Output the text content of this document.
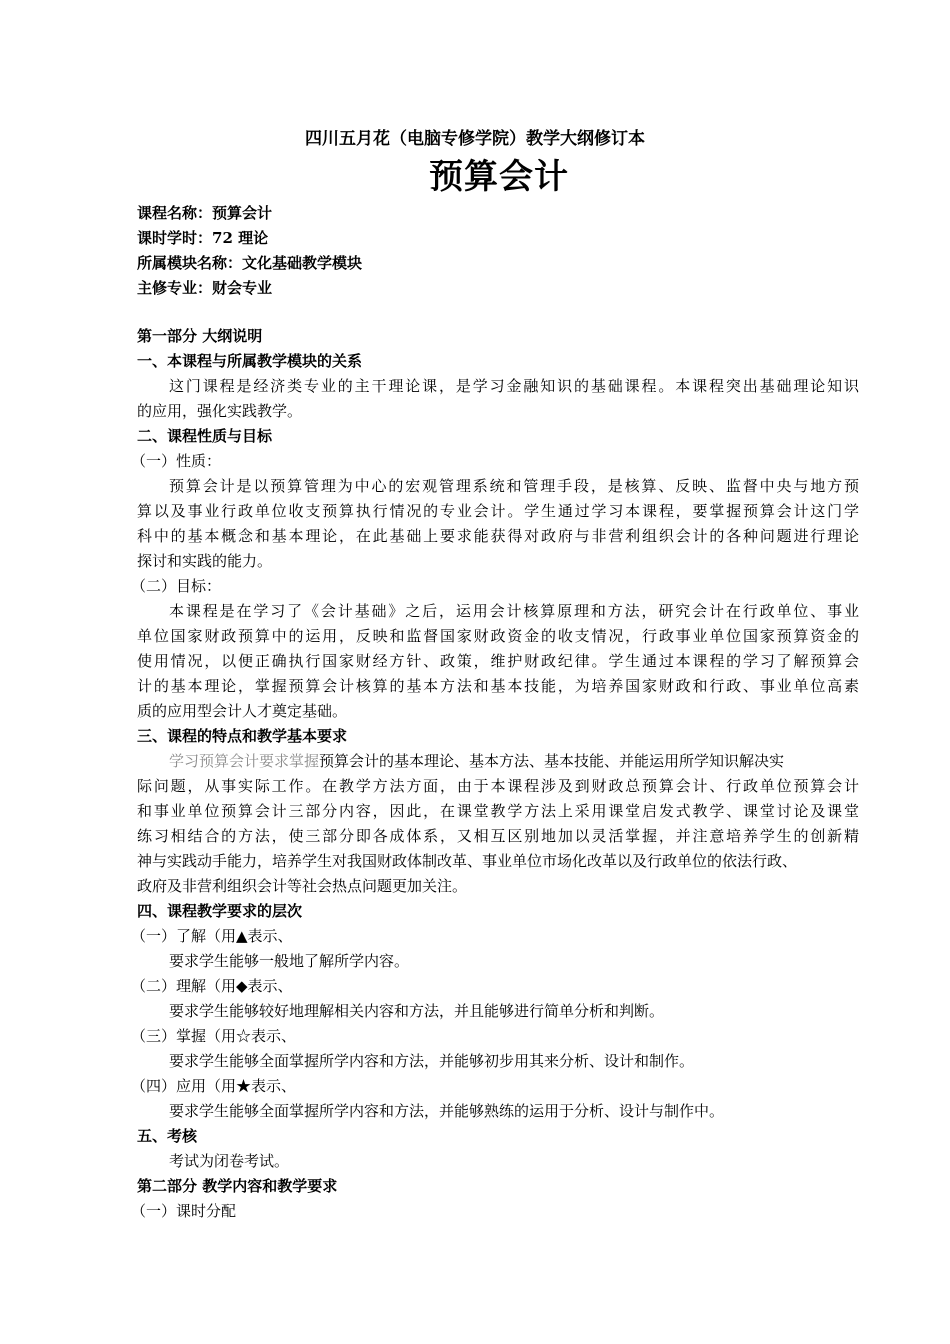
四川五月花（电脑专修学院）教学大纲修订本
预算会计
课程名称：预算会计
课时学时：72 理论
所属模块名称：文化基础教学模块
主修专业：财会专业
第一部分 大纲说明
一、本课程与所属教学模块的关系
这门课程是经济类专业的主干理论课，是学习金融知识的基础课程。本课程突出基础理论知识
的应用，强化实践教学。
二、课程性质与目标
（一）性质：
预算会计是以预算管理为中心的宏观管理系统和管理手段，是核算、反映、监督中央与地方预
算以及事业行政单位收支预算执行情况的专业会计。学生通过学习本课程，要掌握预算会计这门学
科中的基本概念和基本理论，在此基础上要求能获得对政府与非营利组织会计的各种问题进行理论
探讨和实践的能力。
（二）目标：
本课程是在学习了《会计基础》之后，运用会计核算原理和方法，研究会计在行政单位、事业
单位国家财政预算中的运用，反映和监督国家财政资金的收支情况，行政事业单位国家预算资金的
使用情况，以便正确执行国家财经方针、政策，维护财政纪律。学生通过本课程的学习了解预算会
计的基本理论，掌握预算会计核算的基本方法和基本技能，为培养国家财政和行政、事业单位高素
质的应用型会计人才奠定基础。
三、课程的特点和教学基本要求
学习预算会计要求掌握预算会计的基本理论、基本方法、基本技能、并能运用所学知识解决实
际问题，从事实际工作。在教学方法方面，由于本课程涉及到财政总预算会计、行政单位预算会计
和事业单位预算会计三部分内容，因此，在课堂教学方法上采用课堂启发式教学、课堂讨论及课堂
练习相结合的方法，使三部分即各成体系，又相互区别地加以灵活掌握，并注意培养学生的创新精
神与实践动手能力，培养学生对我国财政体制改革、事业单位市场化改革以及行政单位的依法行政、
政府及非营利组织会计等社会热点问题更加关注。
四、课程教学要求的层次
（一）了解（用▲表示、
要求学生能够一般地了解所学内容。
（二）理解（用◆表示、
要求学生能够较好地理解相关内容和方法，并且能够进行简单分析和判断。
（三）掌握（用☆表示、
要求学生能够全面掌握所学内容和方法，并能够初步用其来分析、设计和制作。
（四）应用（用★表示、
要求学生能够全面掌握所学内容和方法，并能够熟练的运用于分析、设计与制作中。
五、考核
考试为闭卷考试。
第二部分 教学内容和教学要求
（一）课时分配
